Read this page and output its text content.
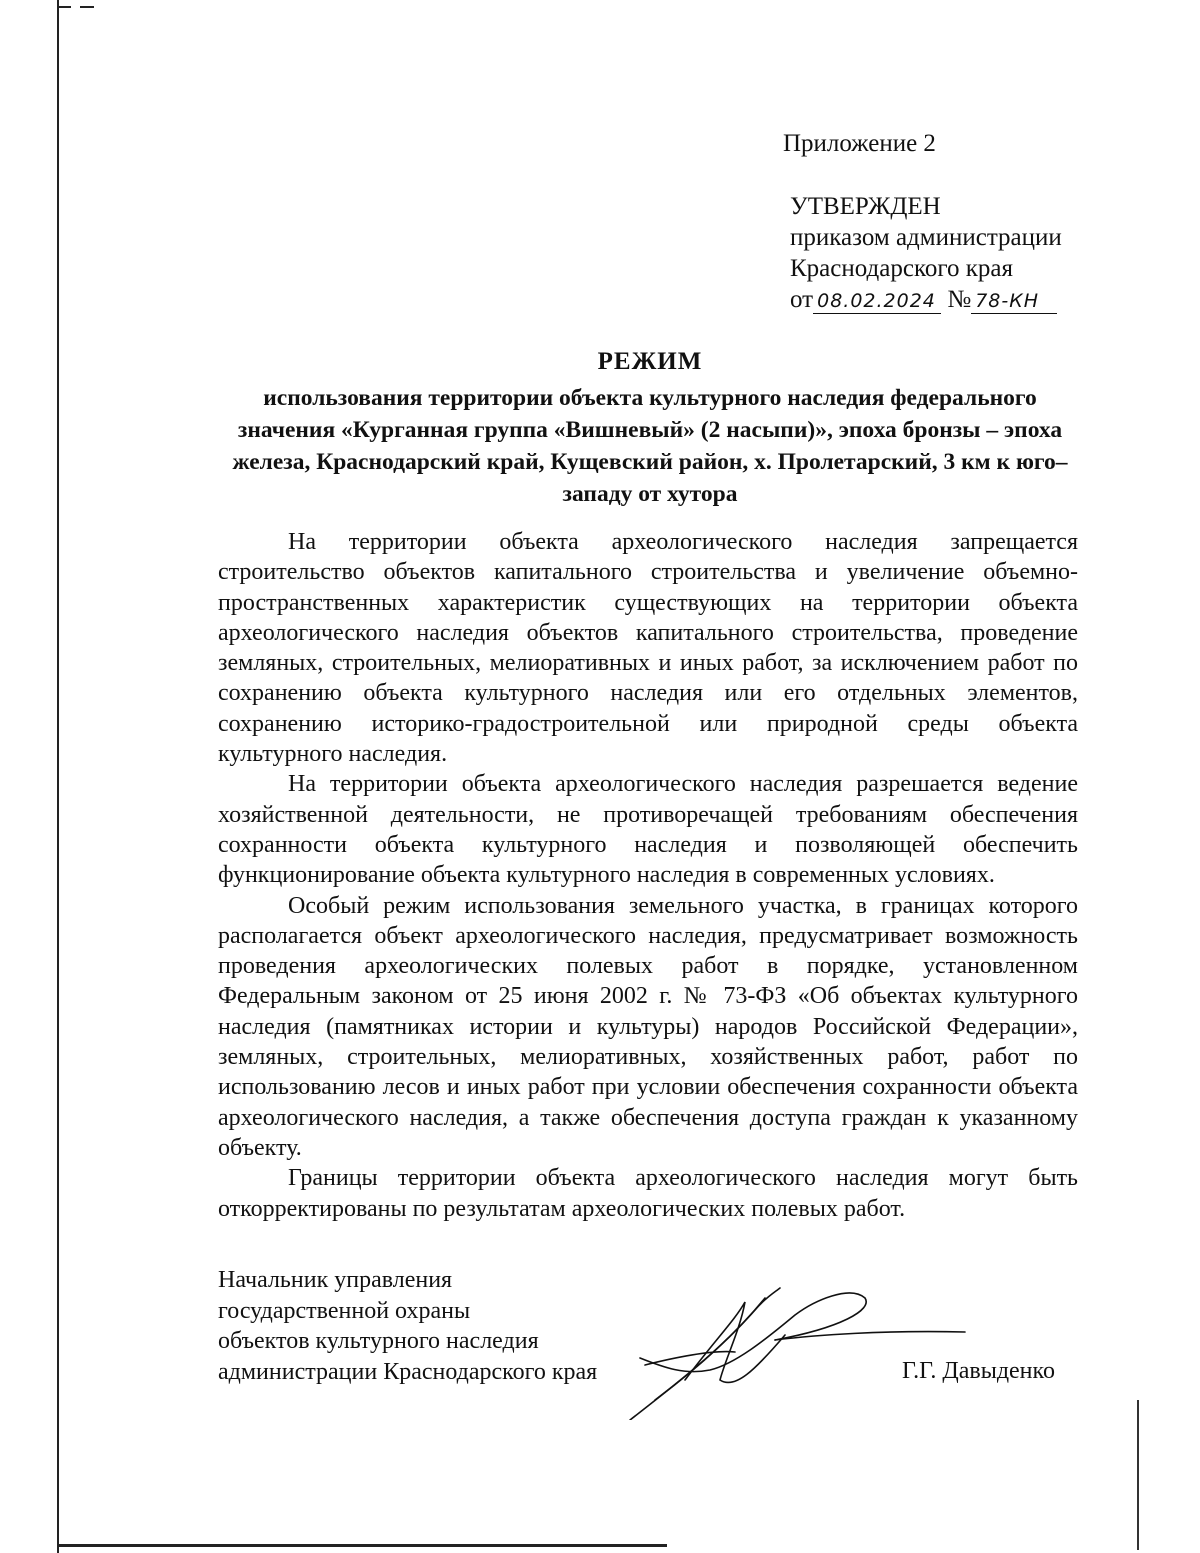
Приложение 2
УТВЕРЖДЕН
приказом администрации
Краснодарского края
от 08.02.2024 № 78-КН
РЕЖИМ
использования территории объекта культурного наследия федерального значения «Курганная группа «Вишневый» (2 насыпи)», эпоха бронзы – эпоха железа, Краснодарский край, Кущевский район, х. Пролетарский, 3 км к юго–западу от хутора

На территории объекта археологического наследия запрещается строительство объектов капитального строительства и увеличение объемно-пространственных характеристик существующих на территории объекта археологического наследия объектов капитального строительства, проведение земляных, строительных, мелиоративных и иных работ, за исключением работ по сохранению объекта культурного наследия или его отдельных элементов, сохранению историко-градостроительной или природной среды объекта культурного наследия.

На территории объекта археологического наследия разрешается ведение хозяйственной деятельности, не противоречащей требованиям обеспечения сохранности объекта культурного наследия и позволяющей обеспечить функционирование объекта культурного наследия в современных условиях.

Особый режим использования земельного участка, в границах которого располагается объект археологического наследия, предусматривает возможность проведения археологических полевых работ в порядке, установленном Федеральным законом от 25 июня 2002 г. № 73-ФЗ «Об объектах культурного наследия (памятниках истории и культуры) народов Российской Федерации», земляных, строительных, мелиоративных, хозяйственных работ, работ по использованию лесов и иных работ при условии обеспечения сохранности объекта археологического наследия, а также обеспечения доступа граждан к указанному объекту.

Границы территории объекта археологического наследия могут быть откорректированы по результатам археологических полевых работ.

Начальник управления
государственной охраны
объектов культурного наследия
администрации Краснодарского края	Г.Г. Давыденко
